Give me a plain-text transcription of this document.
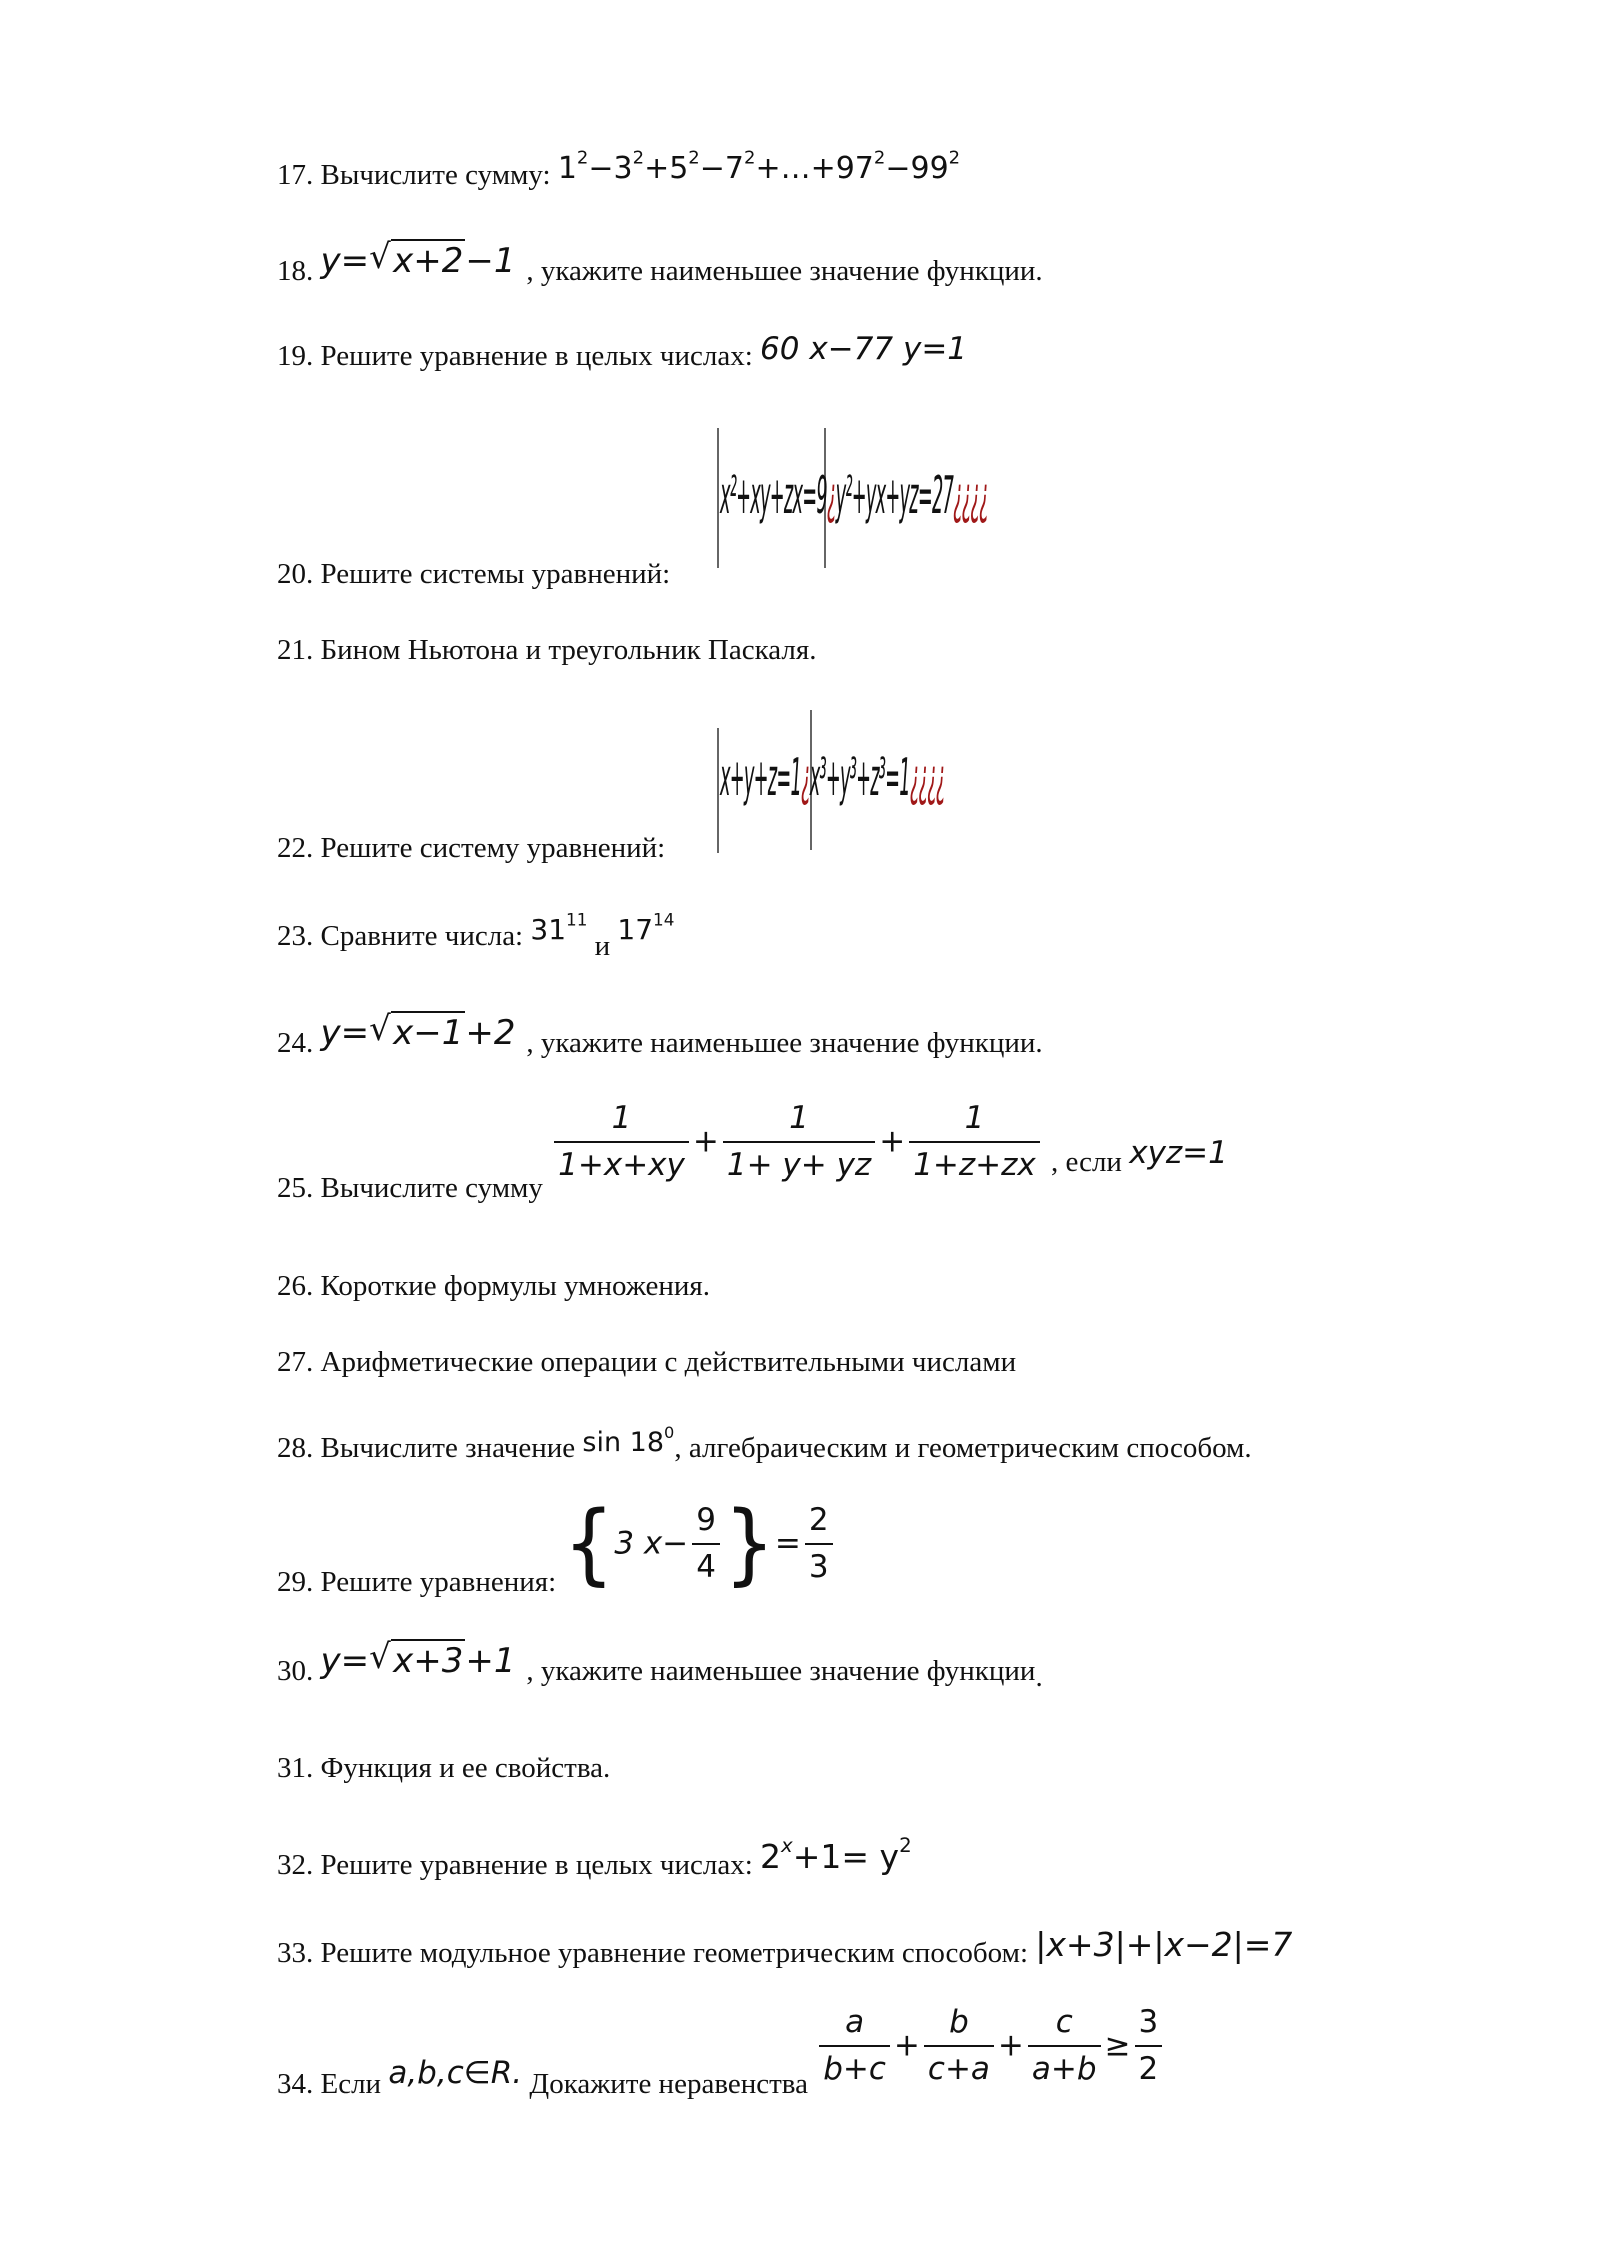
17. Вычислите сумму: $1^2-3^2+5^2-7^2+\dots+97^2-99^2$
18. y= √ x+2−1 , укажите наименьшее значение функции.
19. Решите уравнение в целых числах: 60 x−77 y=1
20. Решите системы уравнений:
x²+xy+zx=9¿y²+yx+yz=27¿¿¿¿
21. Бином Ньютона и треугольник Паскаля.
22. Решите систему уравнений:
x+y+z=1¿x³+y³+z³=1¿¿¿¿
23. Сравните числа: $31^{11}$ и $17^{14}$
24. y= √ x−1+2 , укажите наименьшее значение функции.
25. Вычислите сумму
$\frac{1}{1+x+xy} + \frac{1}{1+ y+ yz} + \frac{1}{1+z+zx}$ , если xyz=1
26. Короткие формулы умножения.
27. Арифметические операции с действительными числами
28. Вычислите значение $\sin 18^0$, алгебраическим и геометрическим способом.
29. Решите уравнения: {3 $x- \frac{9}{4}$ }= $\frac{2}{3}$
30. y= √ x+3+1 , укажите наименьшее значение функции.
31. Функция и ее свойства.
32. Решите уравнение в целых числах: $2^x+1= y^2$
33. Решите модульное уравнение геометрическим способом: |x+3|+|x−2|=7
34. Если a,b,c∈R. Докажите неравенства $\frac{a}{b+c} + \frac{b}{c+a} + \frac{c}{a+b} \ge \frac{3}{2}$
